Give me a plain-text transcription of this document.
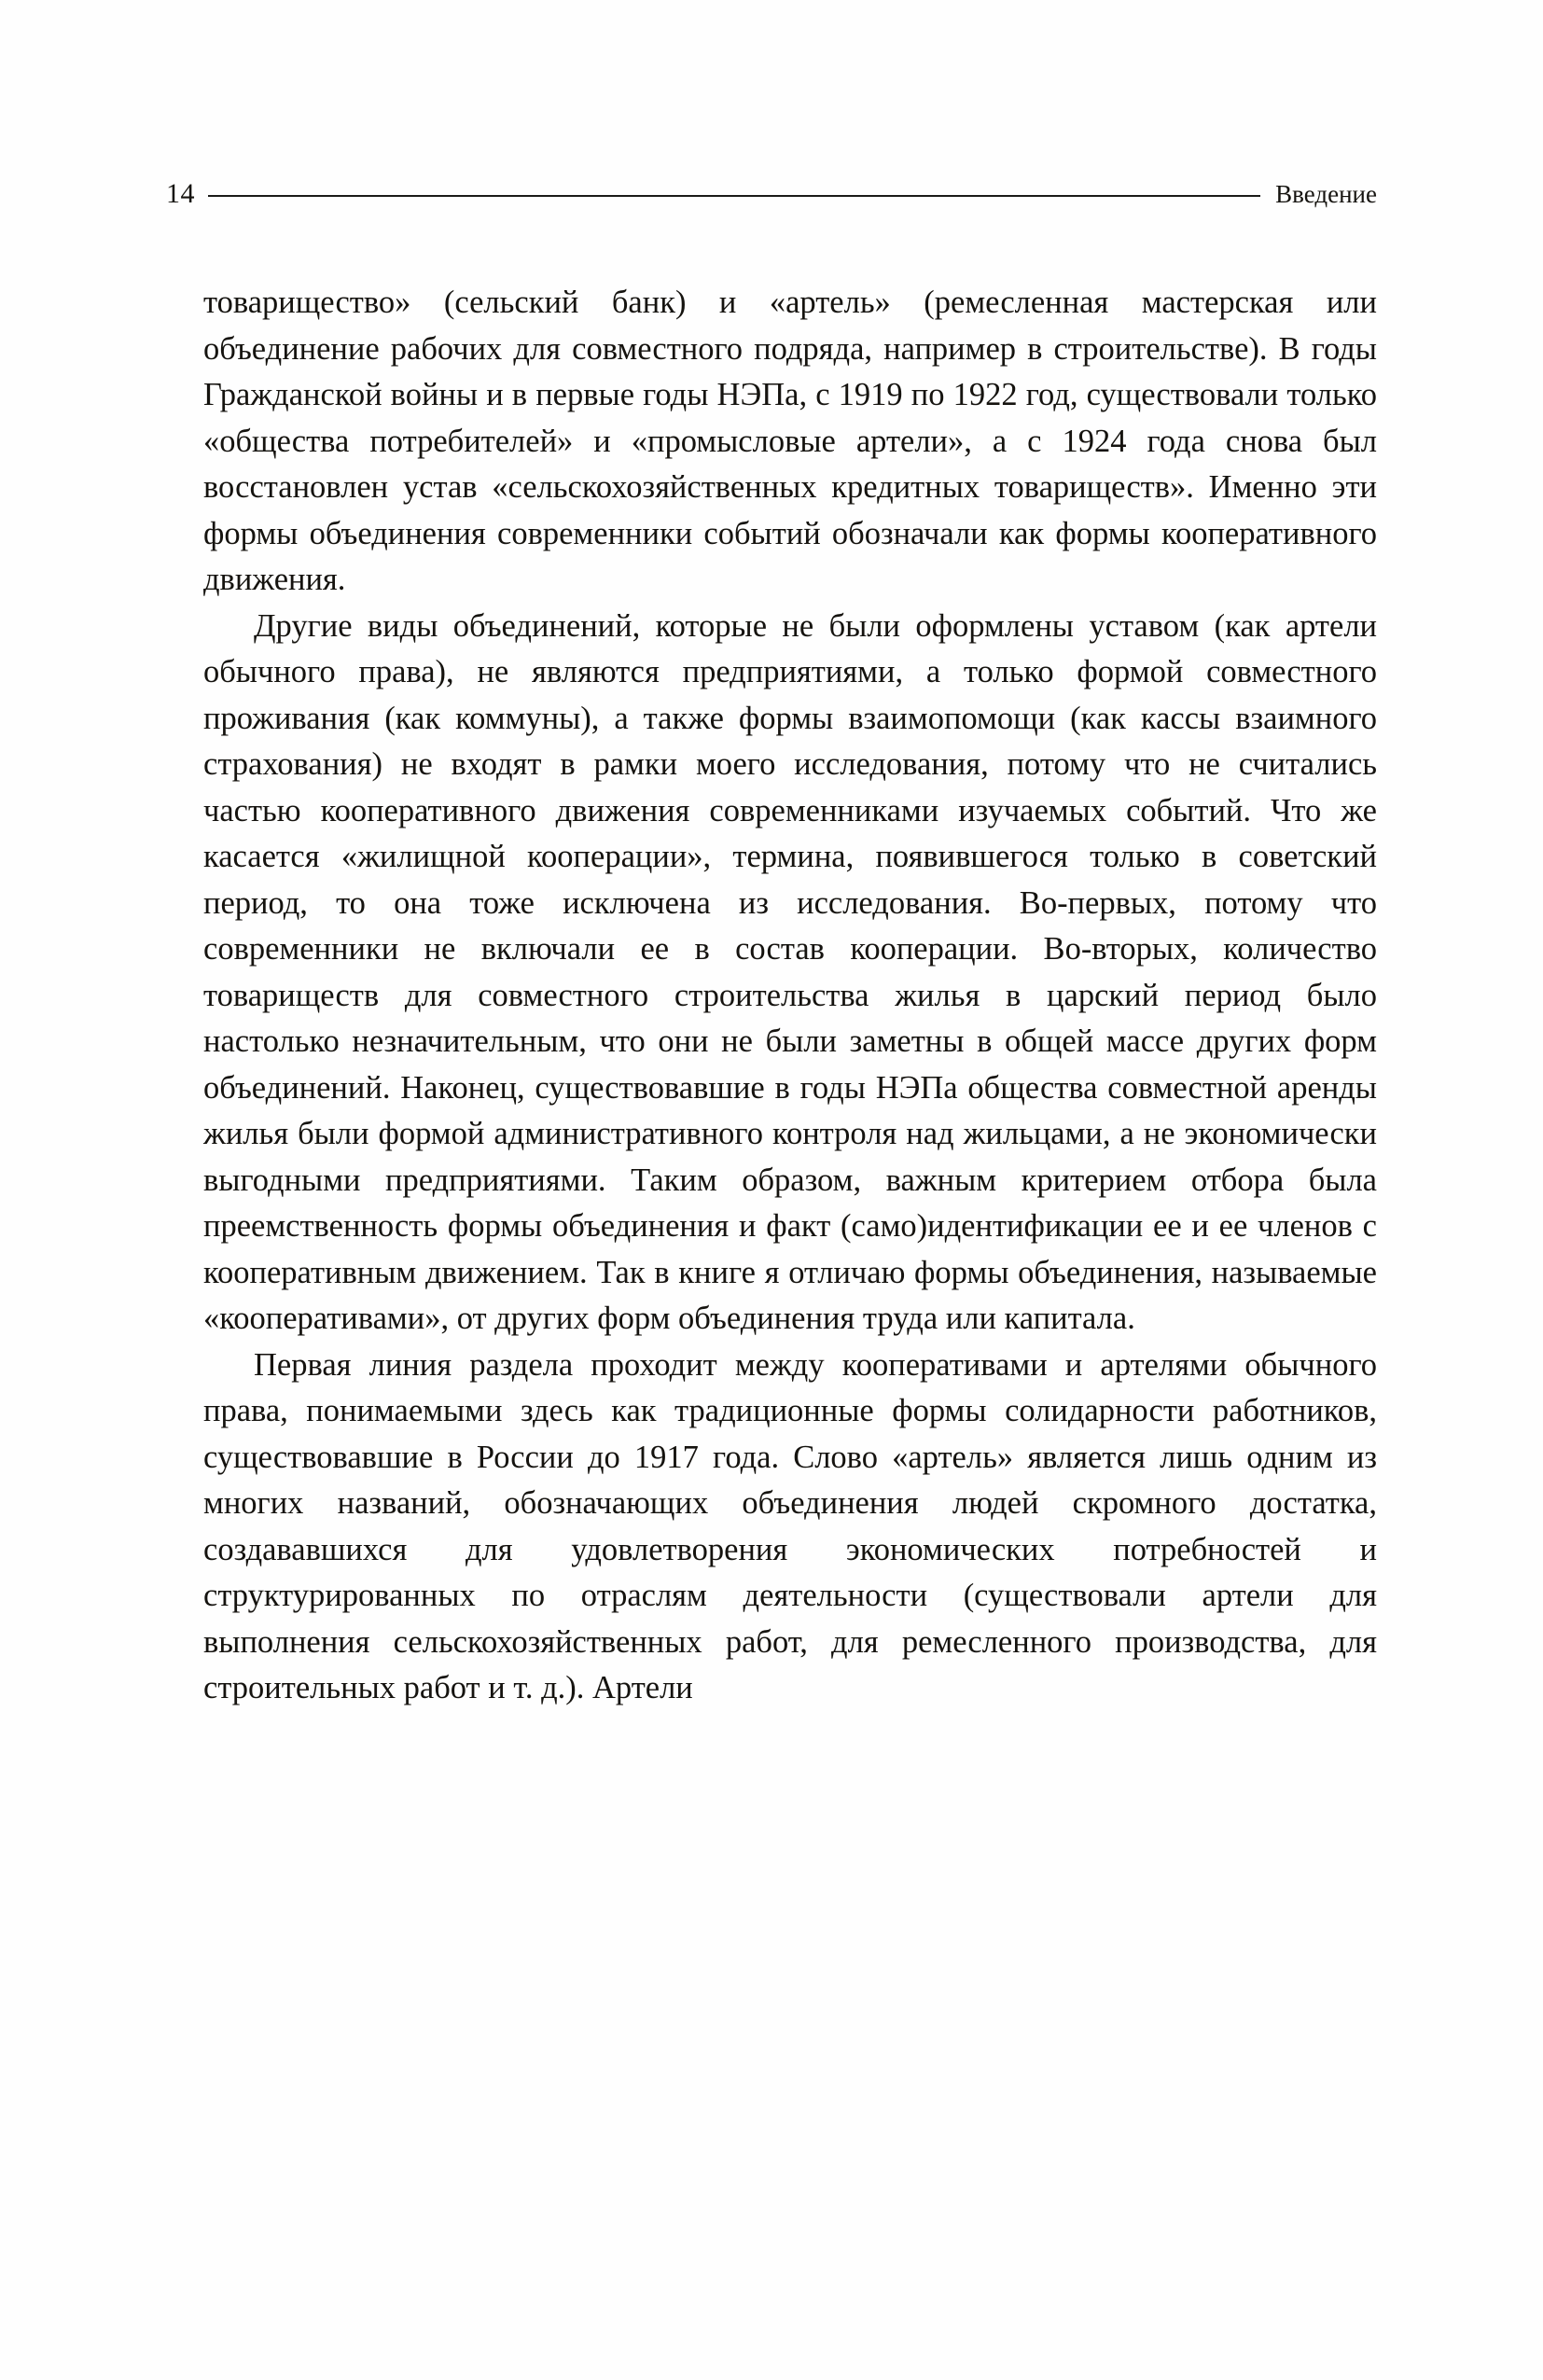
14	Введение

товарищество» (сельский банк) и «артель» (ремесленная мастерская или объединение рабочих для совместного подряда, например в строительстве). В годы Гражданской войны и в первые годы НЭПа, с 1919 по 1922 год, существовали только «общества потребителей» и «промысловые артели», а с 1924 года снова был восстановлен устав «сельскохозяйственных кредитных товариществ». Именно эти формы объединения современники событий обозначали как формы кооперативного движения.

Другие виды объединений, которые не были оформлены уставом (как артели обычного права), не являются предприятиями, а только формой совместного проживания (как коммуны), а также формы взаимопомощи (как кассы взаимного страхования) не входят в рамки моего исследования, потому что не считались частью кооперативного движения современниками изучаемых событий. Что же касается «жилищной кооперации», термина, появившегося только в советский период, то она тоже исключена из исследования. Во-первых, потому что современники не включали ее в состав кооперации. Во-вторых, количество товариществ для совместного строительства жилья в царский период было настолько незначительным, что они не были заметны в общей массе других форм объединений. Наконец, существовавшие в годы НЭПа общества совместной аренды жилья были формой административного контроля над жильцами, а не экономически выгодными предприятиями. Таким образом, важным критерием отбора была преемственность формы объединения и факт (само)идентификации ее и ее членов с кооперативным движением. Так в книге я отличаю формы объединения, называемые «кооперативами», от других форм объединения труда или капитала.

Первая линия раздела проходит между кооперативами и артелями обычного права, понимаемыми здесь как традиционные формы солидарности работников, существовавшие в России до 1917 года. Слово «артель» является лишь одним из многих названий, обозначающих объединения людей скромного достатка, создававшихся для удовлетворения экономических потребностей и структурированных по отраслям деятельности (существовали артели для выполнения сельскохозяйственных работ, для ремесленного производства, для строительных работ и т. д.). Артели
